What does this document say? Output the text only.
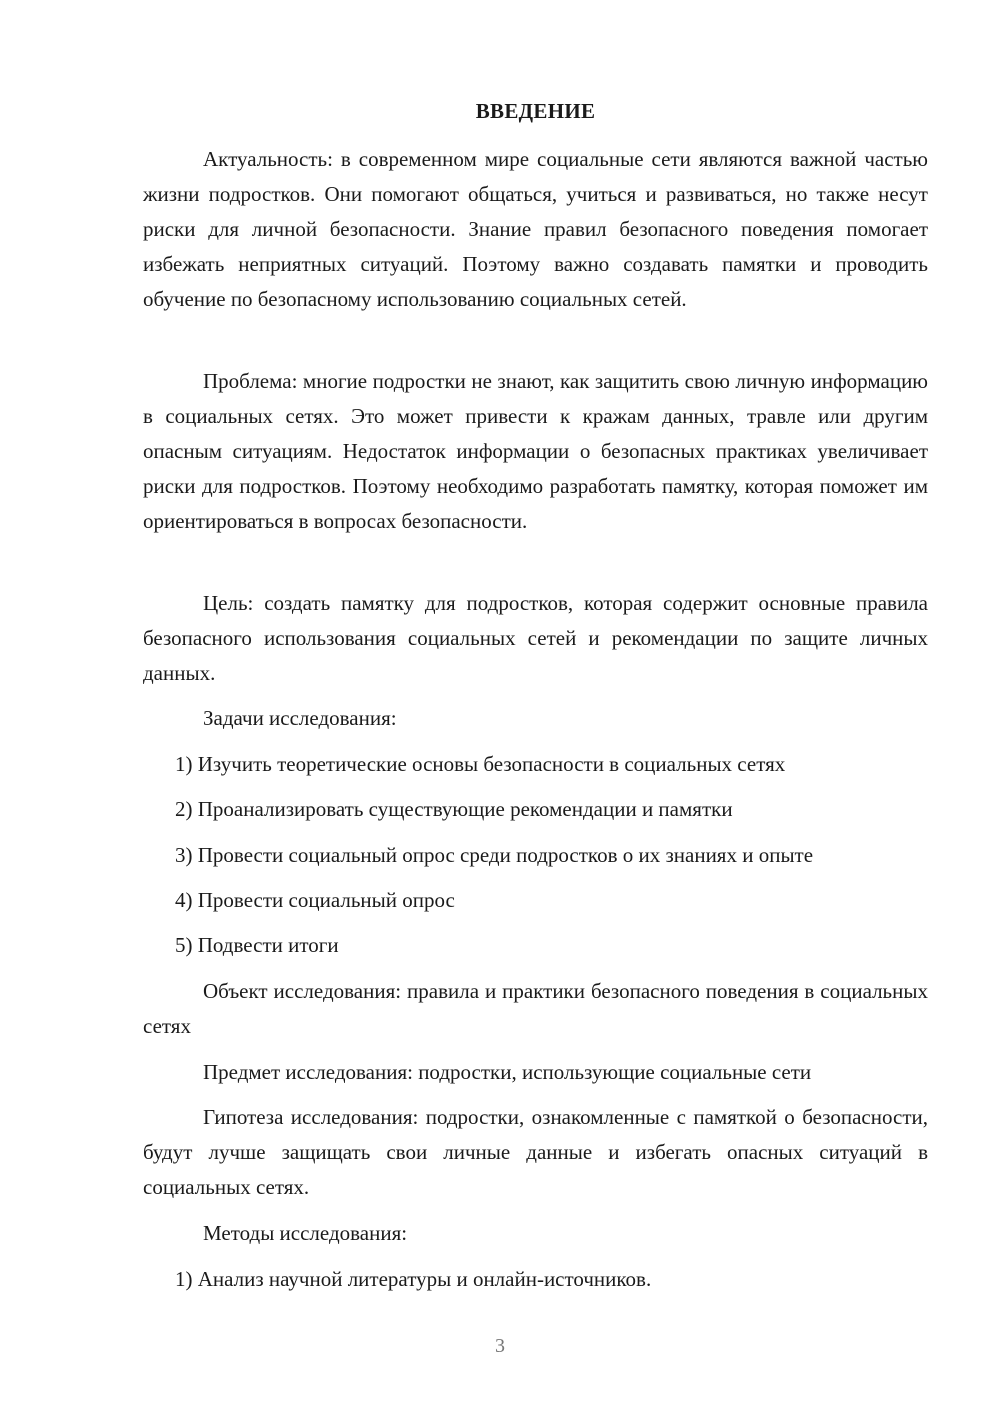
ВВЕДЕНИЕ

Актуальность: в современном мире социальные сети являются важной частью жизни подростков. Они помогают общаться, учиться и развиваться, но также несут риски для личной безопасности. Знание правил безопасного поведения помогает избежать неприятных ситуаций. Поэтому важно создавать памятки и проводить обучение по безопасному использованию социальных сетей.

Проблема: многие подростки не знают, как защитить свою личную информацию в социальных сетях. Это может привести к кражам данных, травле или другим опасным ситуациям. Недостаток информации о безопасных практиках увеличивает риски для подростков. Поэтому необходимо разработать памятку, которая поможет им ориентироваться в вопросах безопасности.

Цель: создать памятку для подростков, которая содержит основные правила безопасного использования социальных сетей и рекомендации по защите личных данных.

Задачи исследования:

1) Изучить теоретические основы безопасности в социальных сетях

2) Проанализировать существующие рекомендации и памятки

3) Провести социальный опрос среди подростков о их знаниях и опыте

4) Провести социальный опрос

5) Подвести итоги

Объект исследования: правила и практики безопасного поведения в социальных сетях

Предмет исследования: подростки, использующие социальные сети

Гипотеза исследования: подростки, ознакомленные с памяткой о безопасности, будут лучше защищать свои личные данные и избегать опасных ситуаций в социальных сетях.

Методы исследования:

1) Анализ научной литературы и онлайн-источников.

3
